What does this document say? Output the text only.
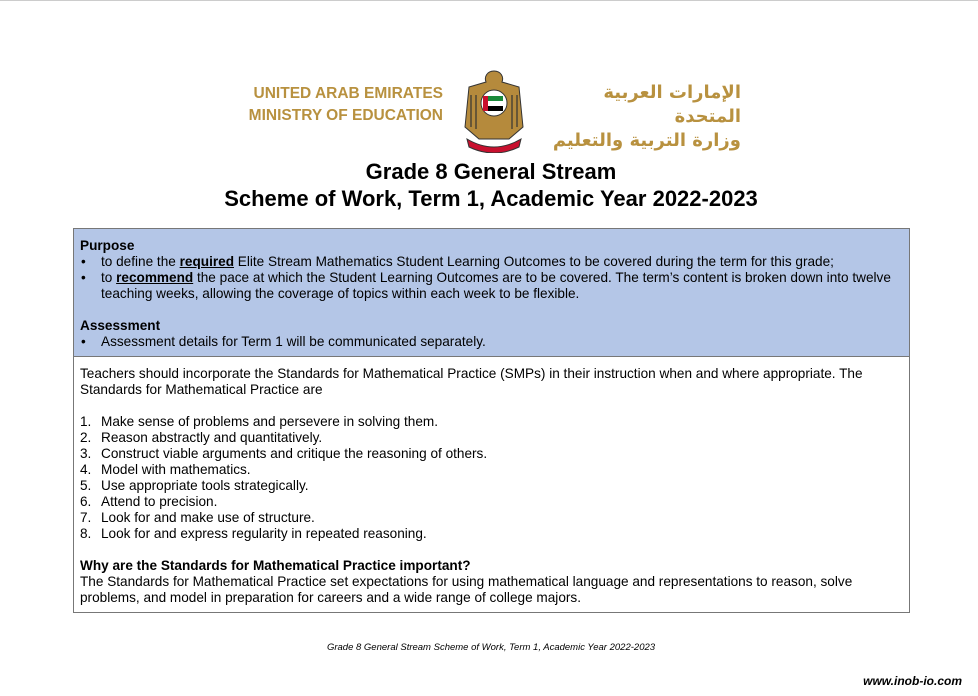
UNITED ARAB EMIRATES
MINISTRY OF EDUCATION
الإمارات العربية المتحدة
وزارة التربية والتعليم
Grade 8 General Stream
Scheme of Work, Term 1, Academic Year 2022-2023
Purpose
• to define the required Elite Stream Mathematics Student Learning Outcomes to be covered during the term for this grade;
• to recommend the pace at which the Student Learning Outcomes are to be covered. The term’s content is broken down into twelve teaching weeks, allowing the coverage of topics within each week to be flexible.
Assessment
• Assessment details for Term 1 will be communicated separately.
Teachers should incorporate the Standards for Mathematical Practice (SMPs) in their instruction when and where appropriate. The Standards for Mathematical Practice are
1. Make sense of problems and persevere in solving them.
2. Reason abstractly and quantitatively.
3. Construct viable arguments and critique the reasoning of others.
4. Model with mathematics.
5. Use appropriate tools strategically.
6. Attend to precision.
7. Look for and make use of structure.
8. Look for and express regularity in repeated reasoning.
Why are the Standards for Mathematical Practice important?
The Standards for Mathematical Practice set expectations for using mathematical language and representations to reason, solve problems, and model in preparation for careers and a wide range of college majors.
Grade 8 General Stream Scheme of Work, Term 1, Academic Year 2022-2023
www.inob-io.com
